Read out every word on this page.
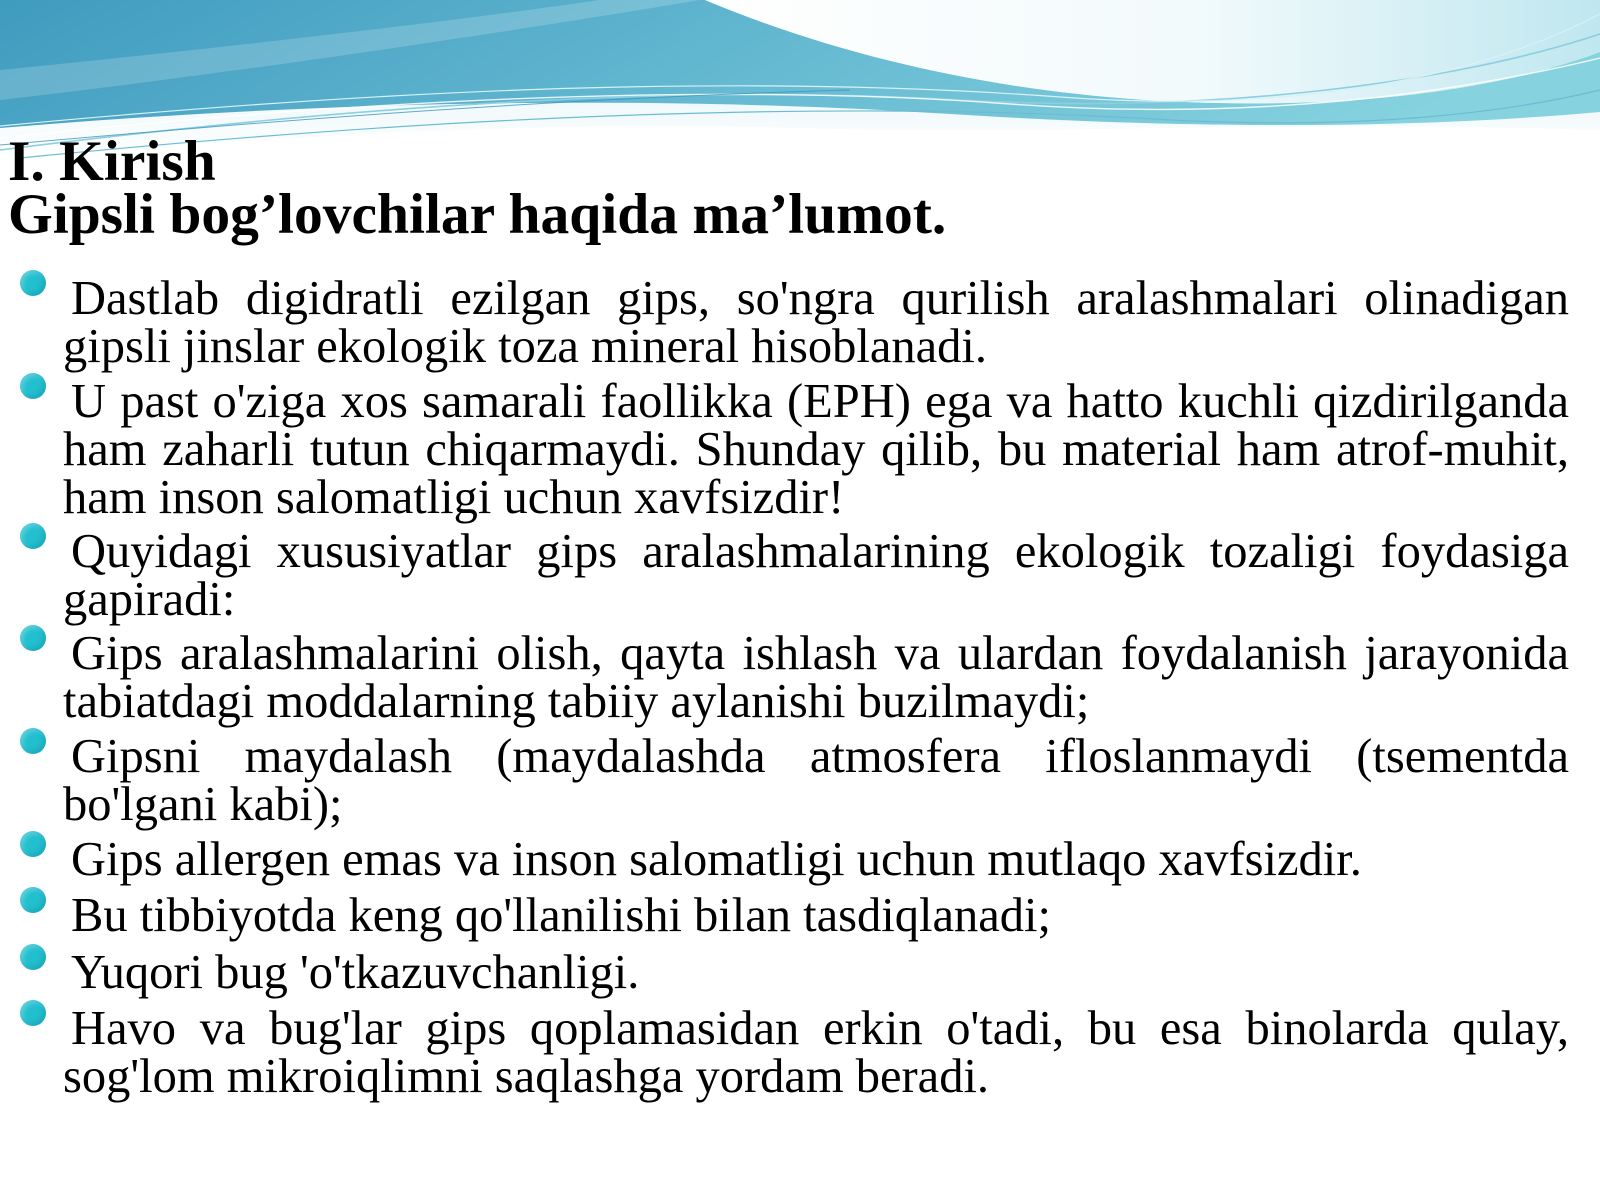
I. Kirish
Gipsli bog’lovchilar haqida ma’lumot.
Dastlab digidratli ezilgan gips, so'ngra qurilish aralashmalari olinadigan
gipsli jinslar ekologik toza mineral hisoblanadi.
U past o'ziga xos samarali faollikka (EPH) ega va hatto kuchli qizdirilganda
ham zaharli tutun chiqarmaydi. Shunday qilib, bu material ham atrof-muhit,
ham inson salomatligi uchun xavfsizdir!
Quyidagi xususiyatlar gips aralashmalarining ekologik tozaligi foydasiga
gapiradi:
Gips aralashmalarini olish, qayta ishlash va ulardan foydalanish jarayonida
tabiatdagi moddalarning tabiiy aylanishi buzilmaydi;
Gipsni maydalash (maydalashda atmosfera ifloslanmaydi (tsementda
bo'lgani kabi);
Gips allergen emas va inson salomatligi uchun mutlaqo xavfsizdir.
Bu tibbiyotda keng qo'llanilishi bilan tasdiqlanadi;
Yuqori bug 'o'tkazuvchanligi.
Havo va bug'lar gips qoplamasidan erkin o'tadi, bu esa binolarda qulay,
sog'lom mikroiqlimni saqlashga yordam beradi.
